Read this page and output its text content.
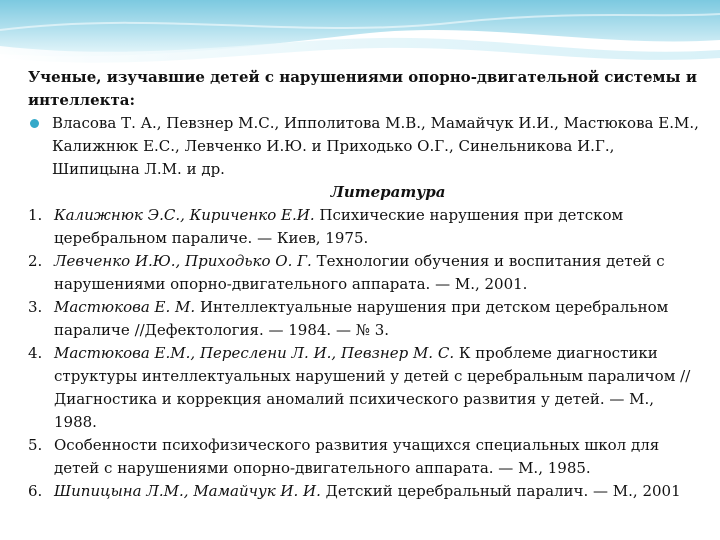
Ученые, изучавшие детей с нарушениями опорно-двигательной системы и интеллекта:
Власова Т. А., Певзнер М.С., Ипполитова М.В., Мамайчук И.И., Мастюкова Е.М., Калижнюк Е.С., Левченко И.Ю. и Приходько О.Г., Синельникова И.Г., Шипицына Л.М. и др.
Литература
1. Калижнюк Э.С., Кириченко Е.И. Психические нарушения при детском церебральном параличе. — Киев, 1975.
2. Левченко И.Ю., Приходько О. Г. Технологии обучения и воспитания детей с нарушениями опорно-двигательного аппарата. — М., 2001.
3. Мастюкова Е. М. Интеллектуальные нарушения при детском церебральном параличе //Дефектология. — 1984. — № 3.
4. Мастюкова Е.М., Переслени Л. И., Певзнер М. С. К проблеме диагностики структуры интеллектуальных нарушений у детей с церебральным параличом // Диагностика и коррекция аномалий психического развития у детей. — М., 1988.
5. Особенности психофизического развития учащихся специальных школ для детей с нарушениями опорно-двигательного аппарата. — М., 1985.
6. Шипицына Л.М., Мамайчук И. И. Детский церебральный паралич. — М., 2001
